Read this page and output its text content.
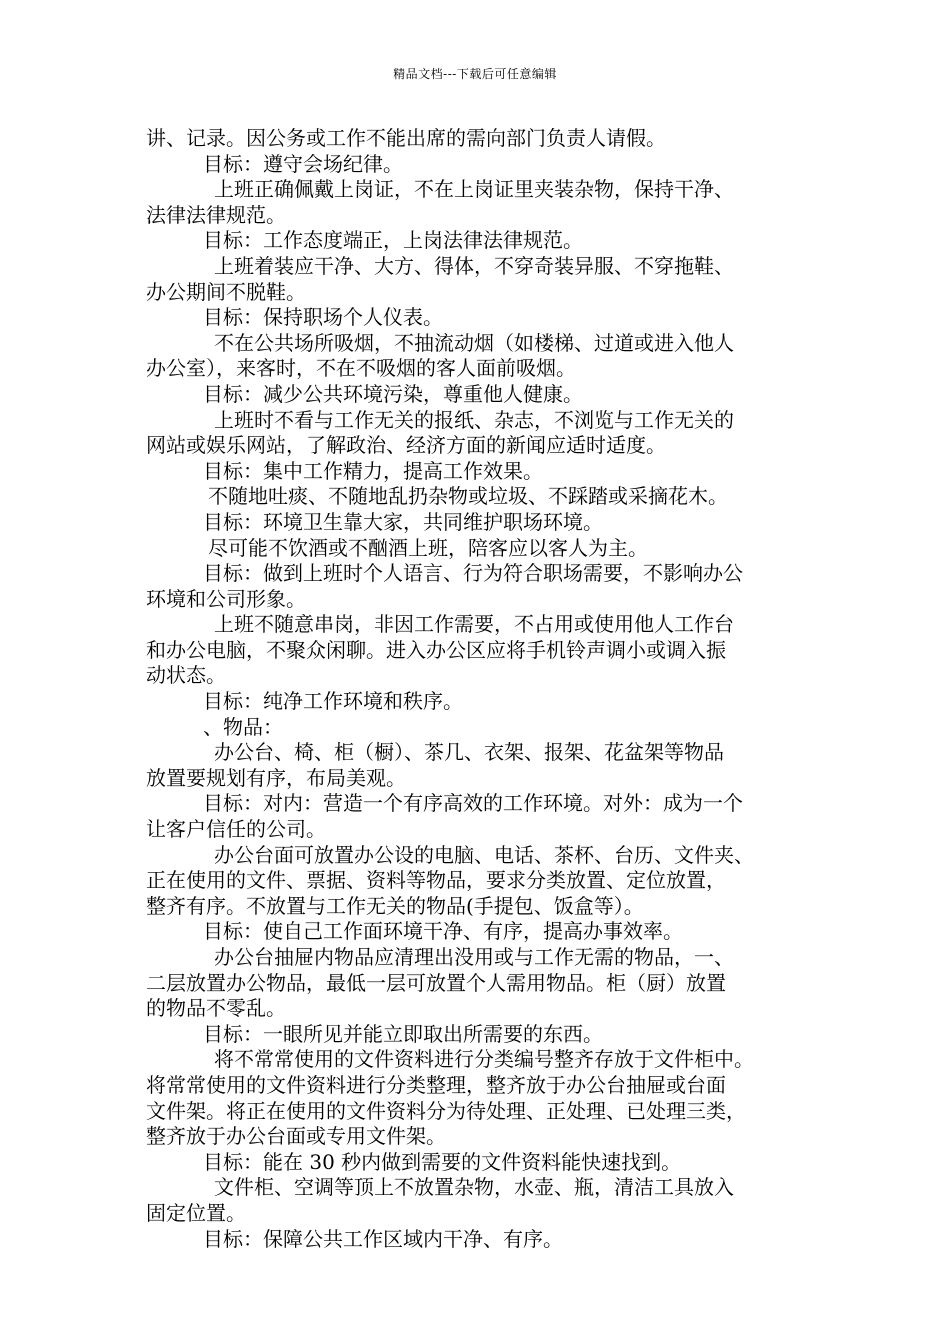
精品文档---下载后可任意编辑

讲、记录。因公务或工作不能出席的需向部门负责人请假。

目标：遵守会场纪律。

上班正确佩戴上岗证，不在上岗证里夹装杂物，保持干净、

法律法律规范。

目标：工作态度端正，上岗法律法律规范。

上班着装应干净、大方、得体，不穿奇装异服、不穿拖鞋、

办公期间不脱鞋。

目标：保持职场个人仪表。

不在公共场所吸烟，不抽流动烟（如楼梯、过道或进入他人

办公室），来客时，不在不吸烟的客人面前吸烟。

目标：减少公共环境污染，尊重他人健康。

上班时不看与工作无关的报纸、杂志，不浏览与工作无关的

网站或娱乐网站，了解政治、经济方面的新闻应适时适度。

目标：集中工作精力，提高工作效果。

不随地吐痰、不随地乱扔杂物或垃圾、不踩踏或采摘花木。

目标：环境卫生靠大家，共同维护职场环境。

尽可能不饮酒或不酗酒上班，陪客应以客人为主。

目标：做到上班时个人语言、行为符合职场需要，不影响办公

环境和公司形象。

上班不随意串岗，非因工作需要，不占用或使用他人工作台

和办公电脑，不聚众闲聊。进入办公区应将手机铃声调小或调入振

动状态。

目标：纯净工作环境和秩序。

、物品：

办公台、椅、柜（橱）、茶几、衣架、报架、花盆架等物品

放置要规划有序，布局美观。

目标：对内：营造一个有序高效的工作环境。对外：成为一个

让客户信任的公司。

办公台面可放置办公设的电脑、电话、茶杯、台历、文件夹、

正在使用的文件、票据、资料等物品，要求分类放置、定位放置，

整齐有序。不放置与工作无关的物品(手提包、饭盒等）。

目标：使自己工作面环境干净、有序，提高办事效率。

办公台抽屉内物品应清理出没用或与工作无需的物品，一、

二层放置办公物品，最低一层可放置个人需用物品。柜（厨）放置

的物品不零乱。

目标：一眼所见并能立即取出所需要的东西。

将不常常使用的文件资料进行分类编号整齐存放于文件柜中。

将常常使用的文件资料进行分类整理，整齐放于办公台抽屉或台面

文件架。将正在使用的文件资料分为待处理、正处理、已处理三类，

整齐放于办公台面或专用文件架。

目标：能在 30 秒内做到需要的文件资料能快速找到。

文件柜、空调等顶上不放置杂物，水壶、瓶，清洁工具放入

固定位置。

目标：保障公共工作区域内干净、有序。
